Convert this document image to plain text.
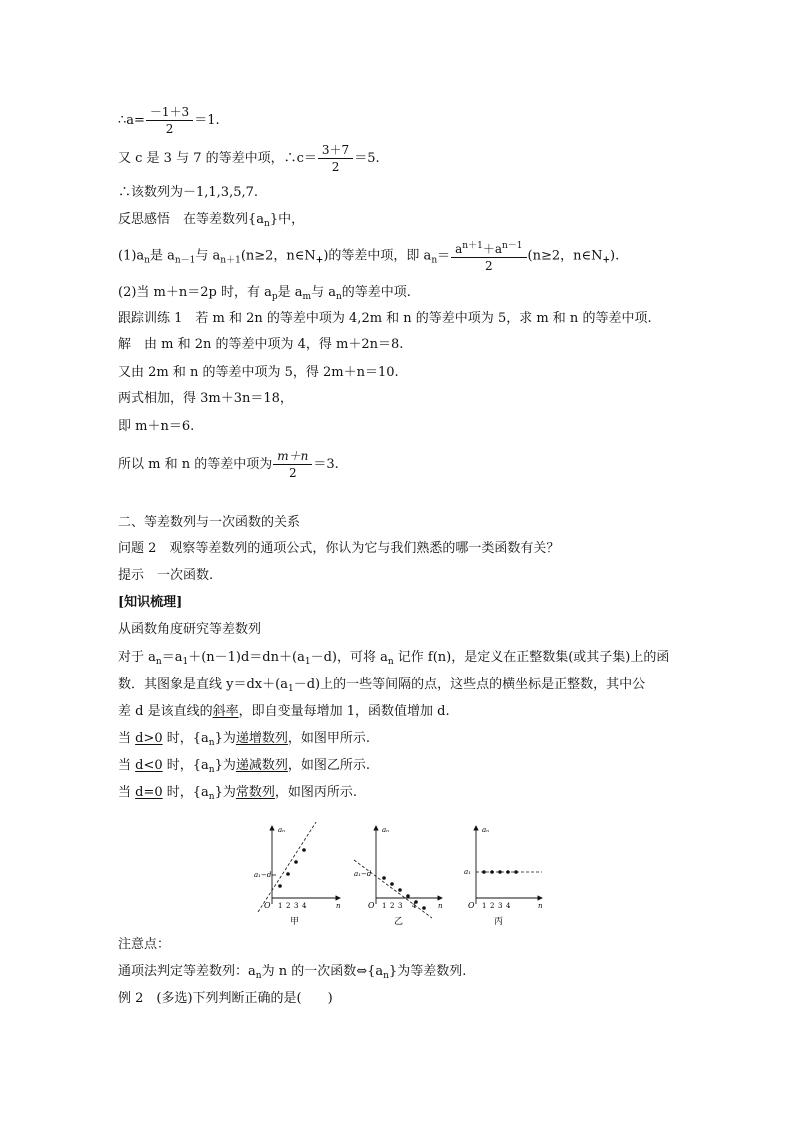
∴a= $\frac{-1+3}{2} =1$.
又 c 是 3 与 7 的等差中项，∴c＝ $\frac{3+7}{2} =5$.
∴该数列为－1,1,3,5,7.
反思感悟　在等差数列$\{a_n\}$中，
$(1)a_n$是 $a_{n-1}$与 $a_{n+1}(n\ge 2$，$n\in N_+$)的等差中项，即 $a_n= \frac{a^{n+1}+a^{n-1}}{2} (n\ge 2$，$n\in N_+$).
(2)当 m＋n＝2p 时，有 $a_p$是 $a_m$与 $a_n$的等差中项.
跟踪训练 1　若 m 和 2n 的等差中项为 4,2m 和 n 的等差中项为 5，求 m 和 n 的等差中项.
解　由 m 和 2n 的等差中项为 4，得 m＋2n＝8.
又由 2m 和 n 的等差中项为 5，得 2m＋n＝10.
两式相加，得 3m＋3n＝18，
即 m＋n＝6.
所以 m 和 n 的等差中项为 $\frac{m+n}{2} =3$.
二、等差数列与一次函数的关系
问题 2　观察等差数列的通项公式，你认为它与我们熟悉的哪一类函数有关？
提示　一次函数.
[知识梳理]
从函数角度研究等差数列
对于 $a_n=a_1+(n-1)d=dn+(a_1-d)$，可将 $a_n$ 记作 f(n)，是定义在正整数集(或其子集)上的函
数．其图象是直线 $y=dx+(a_1-d)$上的一些等间隔的点，这些点的横坐标是正整数，其中公
差 d 是该直线的斜率，即自变量每增加 1，函数值增加 d.
当 d>0 时，$\{a_n\}$为递增数列，如图甲所示.
当 d<0 时，$\{a_n\}$为递减数列，如图乙所示.
当 d=0 时，$\{a_n\}$为常数列，如图丙所示.
aₙ
a₁−d
O 1 2 3 4	n
甲
aₙ
a₁−d
O 1 2 3 4	n
乙
aₙ
a₁
O 1 2 3 4	n
丙
注意点：
通项法判定等差数列：$a_n$为 n 的一次函数$\Leftrightarrow\{a_n\}$为等差数列.
例 2　(多选)下列判断正确的是(　　)
